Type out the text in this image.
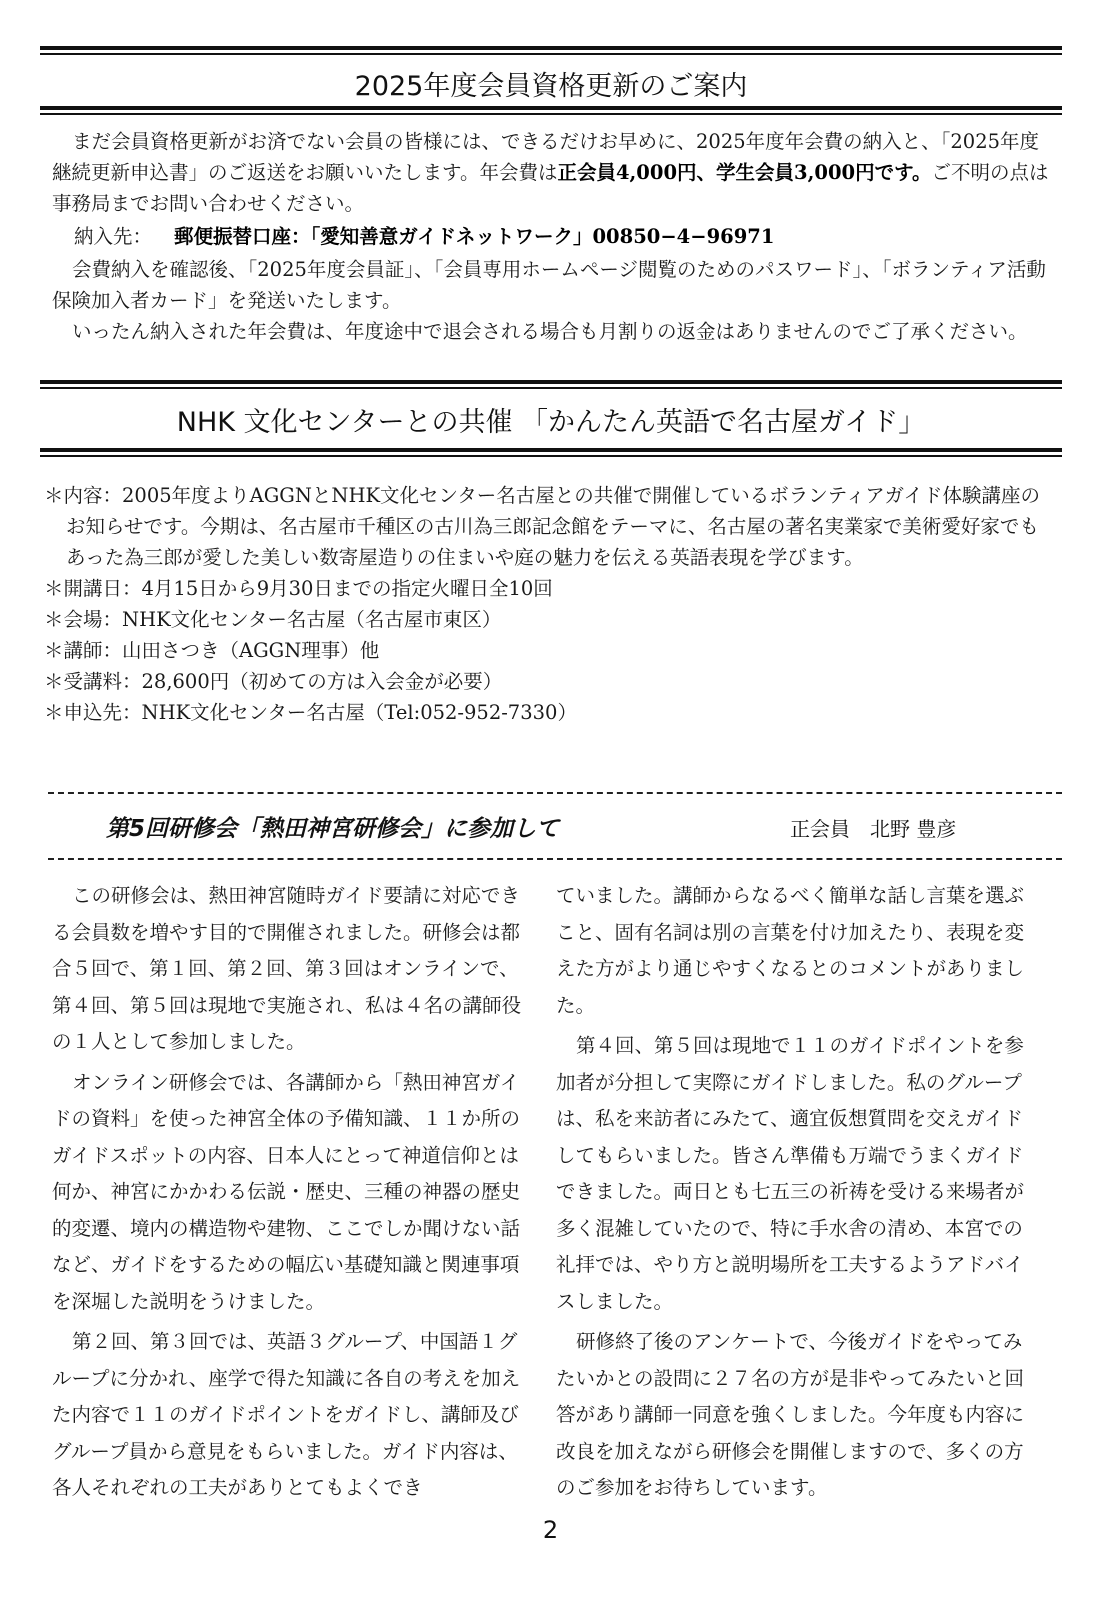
2025年度会員資格更新のご案内
まだ会員資格更新がお済でない会員の皆様には、できるだけお早めに、2025年度年会費の納入と、「2025年度継続更新申込書」のご返送をお願いいたします。年会費は正会員4,000円、学生会員3,000円です。ご不明の点は事務局までお問い合わせください。
納入先： 郵便振替口座：「愛知善意ガイドネットワーク」00850−4−96971
会費納入を確認後、「2025年度会員証」、「会員専用ホームページ閲覧のためのパスワード」、「ボランティア活動保険加入者カード」を発送いたします。
いったん納入された年会費は、年度途中で退会される場合も月割りの返金はありませんのでご了承ください。
NHK 文化センターとの共催 「かんたん英語で名古屋ガイド」
＊内容：2005年度よりAGGNとNHK文化センター名古屋との共催で開催しているボランティアガイド体験講座のお知らせです。今期は、名古屋市千種区の古川為三郎記念館をテーマに、名古屋の著名実業家で美術愛好家でもあった為三郎が愛した美しい数寄屋造りの住まいや庭の魅力を伝える英語表現を学びます。
＊開講日：4月15日から9月30日までの指定火曜日全10回
＊会場：NHK文化センター名古屋（名古屋市東区）
＊講師：山田さつき（AGGN理事）他
＊受講料：28,600円（初めての方は入会金が必要）
＊申込先：NHK文化センター名古屋（Tel:052-952-7330）
第5回研修会「熱田神宮研修会」に参加して	正会員　北野 豊彦

この研修会は、熱田神宮随時ガイド要請に対応できる会員数を増やす目的で開催されました。研修会は都合５回で、第１回、第２回、第３回はオンラインで、第４回、第５回は現地で実施され、私は４名の講師役の１人として参加しました。

オンライン研修会では、各講師から「熱田神宮ガイドの資料」を使った神宮全体の予備知識、１１か所のガイドスポットの内容、日本人にとって神道信仰とは何か、神宮にかかわる伝説・歴史、三種の神器の歴史的変遷、境内の構造物や建物、ここでしか聞けない話など、ガイドをするための幅広い基礎知識と関連事項を深堀した説明をうけました。

第２回、第３回では、英語３グループ、中国語１グループに分かれ、座学で得た知識に各自の考えを加えた内容で１１のガイドポイントをガイドし、講師及びグループ員から意見をもらいました。ガイド内容は、各人それぞれの工夫がありとてもよくでき

ていました。講師からなるべく簡単な話し言葉を選ぶこと、固有名詞は別の言葉を付け加えたり、表現を変えた方がより通じやすくなるとのコメントがありました。

第４回、第５回は現地で１１のガイドポイントを参加者が分担して実際にガイドしました。私のグループは、私を来訪者にみたて、適宜仮想質問を交えガイドしてもらいました。皆さん準備も万端でうまくガイドできました。両日とも七五三の祈祷を受ける来場者が多く混雑していたので、特に手水舎の清め、本宮での礼拝では、やり方と説明場所を工夫するようアドバイスしました。

研修終了後のアンケートで、今後ガイドをやってみたいかとの設問に２７名の方が是非やってみたいと回答があり講師一同意を強くしました。今年度も内容に改良を加えながら研修会を開催しますので、多くの方のご参加をお待ちしています。

2
